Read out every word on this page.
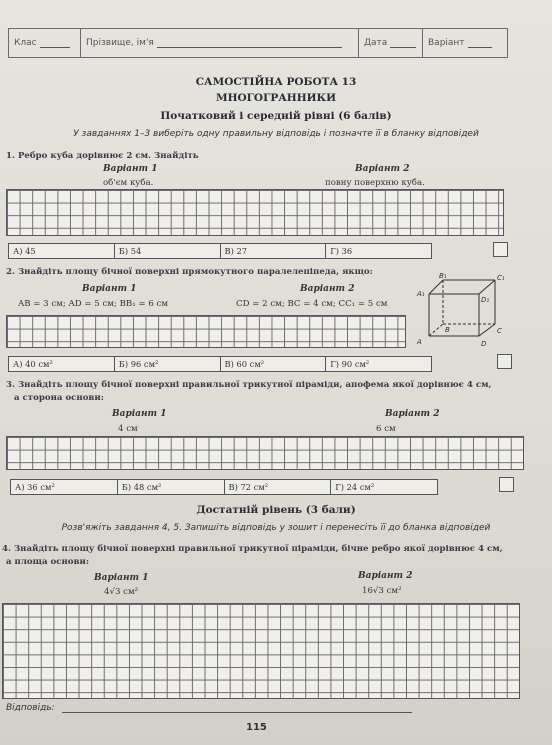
Клас	Прізвище, ім'я	Дата	Варіант
САМОСТІЙНА РОБОТА 13
МНОГОГРАННИКИ
Початковий і середній рівні (6 балів)
У завданнях 1–3 виберіть одну правильну відповідь і позначте її в бланку відповідей
1. Ребро куба дорівнює 2 см. Знайдіть
Варіант 1
об'єм куба.
Варіант 2
повну поверхню куба.
А) 45	Б) 54	В) 27	Г) 36
2. Знайдіть площу бічної поверхні прямокутного паралелепіпеда, якщо:
Варіант 1
AB = 3 см; AD = 5 см; BB₁ = 6 см
Варіант 2
CD = 2 см; BC = 4 см; CC₁ = 5 см
A
B	C
D
A₁
B₁	C₁
D₁
А) 40 см²	Б) 96 см²	В) 60 см²	Г) 90 см²
3. Знайдіть площу бічної поверхні правильної трикутної піраміди, апофема якої дорівнює 4 см,
а сторона основи:
Варіант 1
4 см
Варіант 2
6 см
А) 36 см²	Б) 48 см²	В) 72 см²	Г) 24 см²
Достатній рівень (3 бали)
Розв'яжіть завдання 4, 5. Запишіть відповідь у зошит і перенесіть її до бланка відповідей
4. Знайдіть площу бічної поверхні правильної трикутної піраміди, бічне ребро якої дорівнює 4 см,
а площа основи:
Варіант 1
4√3 см²
Варіант 2
16√3 см²
Відповідь:
115
